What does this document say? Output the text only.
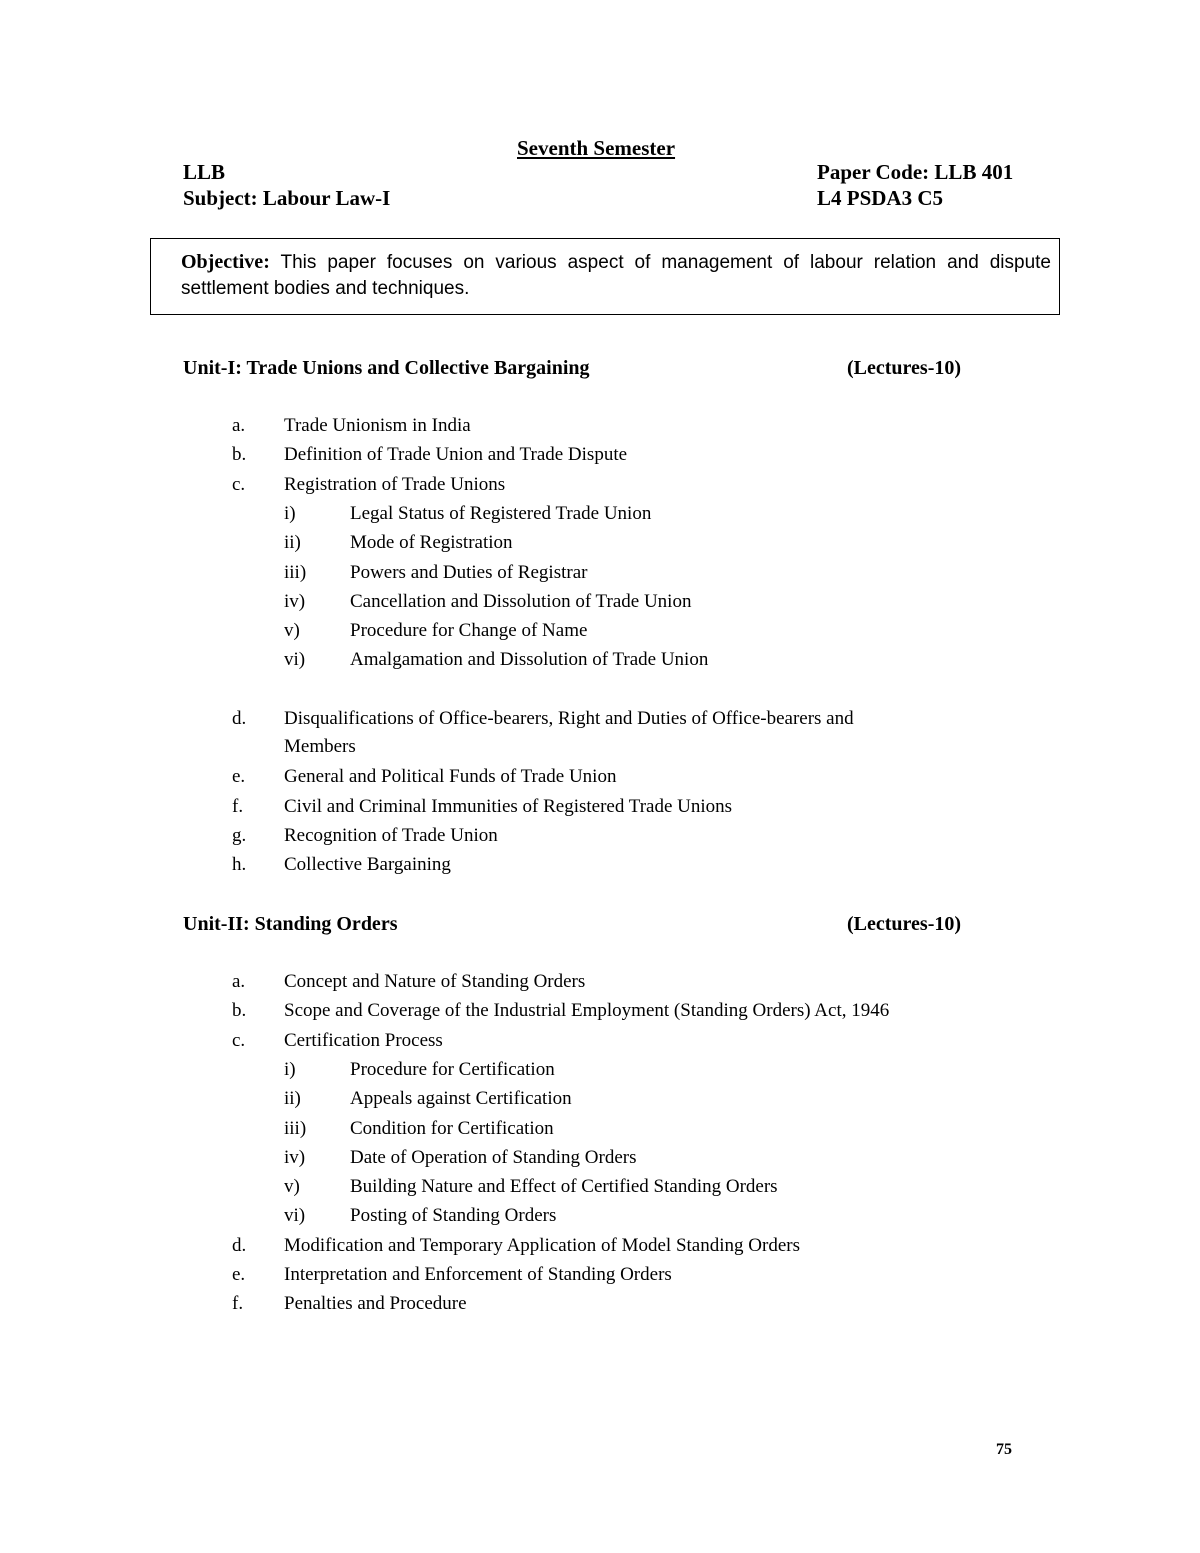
Seventh Semester
LLB
Subject: Labour Law-I
Paper Code: LLB 401
L4 PSDA3 C5
Objective: This paper focuses on various aspect of management of labour relation and dispute settlement bodies and techniques.
Unit-I: Trade Unions and Collective Bargaining	(Lectures-10)
a. Trade Unionism in India
b. Definition of Trade Union and Trade Dispute
c. Registration of Trade Unions
i)	Legal Status of Registered Trade Union
ii)	Mode of Registration
iii) Powers and Duties of Registrar
iv) Cancellation and Dissolution of Trade Union
v)	Procedure for Change of Name
vi) Amalgamation and Dissolution of Trade Union
d. Disqualifications of Office-bearers, Right and Duties of Office-bearers and
Members
e. General and Political Funds of Trade Union
f. Civil and Criminal Immunities of Registered Trade Unions
g. Recognition of Trade Union
h. Collective Bargaining
Unit-II: Standing Orders	(Lectures-10)
a. Concept and Nature of Standing Orders
b. Scope and Coverage of the Industrial Employment (Standing Orders) Act, 1946
c. Certification Process
i)	Procedure for Certification
ii)	Appeals against Certification
iii) Condition for Certification
iv) Date of Operation of Standing Orders
v)	Building Nature and Effect of Certified Standing Orders
vi) Posting of Standing Orders
d. Modification and Temporary Application of Model Standing Orders
e. Interpretation and Enforcement of Standing Orders
f. Penalties and Procedure
75
